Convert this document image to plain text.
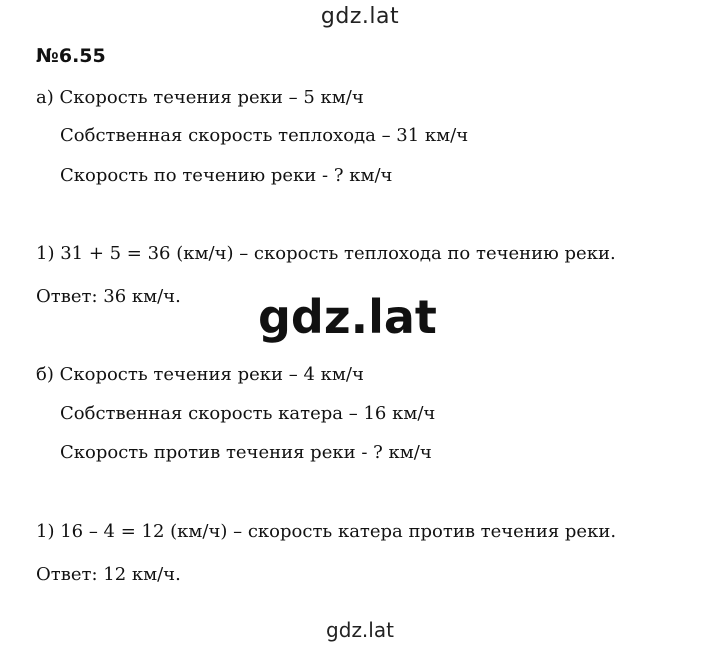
gdz.lat
№6.55
а) Скорость течения реки – 5 км/ч
Собственная скорость теплохода – 31 км/ч
Скорость по течению реки - ? км/ч
1) 31 + 5 = 36 (км/ч) – скорость теплохода по течению реки.
Ответ: 36 км/ч. gdz.lat
б) Скорость течения реки – 4 км/ч
Собственная скорость катера – 16 км/ч
Скорость против течения реки - ? км/ч
1) 16 – 4 = 12 (км/ч) – скорость катера против течения реки.
Ответ: 12 км/ч.
gdz.lat
